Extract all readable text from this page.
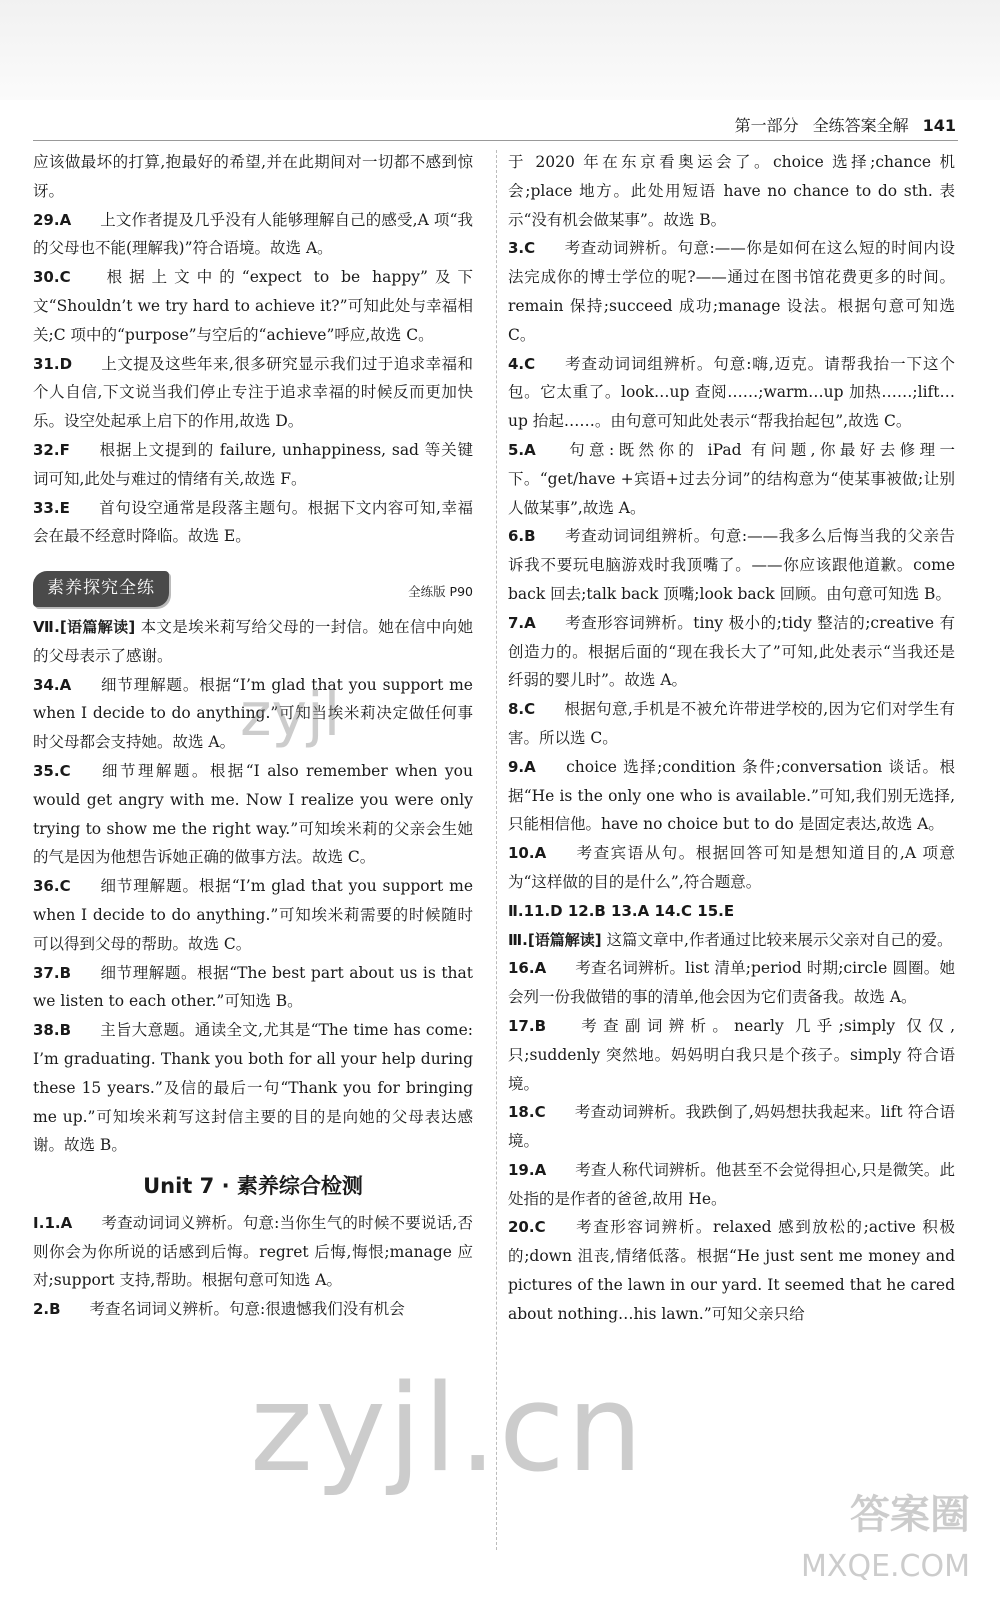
第一部分 全练答案全解 141

应该做最坏的打算,抱最好的希望,并在此期间对一切都不感到惊讶。

29.A 上文作者提及几乎没有人能够理解自己的感受,A 项“我的父母也不能(理解我)”符合语境。故选 A。

30.C 根据上文中的“expect to be happy”及下文“Shouldn’t we try hard to achieve it?”可知此处与幸福相关;C 项中的“purpose”与空后的“achieve”呼应,故选 C。

31.D 上文提及这些年来,很多研究显示我们过于追求幸福和个人自信,下文说当我们停止专注于追求幸福的时候反而更加快乐。设空处起承上启下的作用,故选 D。

32.F 根据上文提到的 failure, unhappiness, sad 等关键词可知,此处与难过的情绪有关,故选 F。

33.E 首句设空通常是段落主题句。根据下文内容可知,幸福会在最不经意时降临。故选 E。

素养探究全练	全练版 P90

Ⅶ.[语篇解读] 本文是埃米莉写给父母的一封信。她在信中向她的父母表示了感谢。

34.A 细节理解题。根据“I’m glad that you support me when I decide to do anything.”可知当埃米莉决定做任何事时父母都会支持她。故选 A。

35.C 细节理解题。根据“I also remember when you would get angry with me. Now I realize you were only trying to show me the right way.”可知埃米莉的父亲会生她的气是因为他想告诉她正确的做事方法。故选 C。

36.C 细节理解题。根据“I’m glad that you support me when I decide to do anything.”可知埃米莉需要的时候随时可以得到父母的帮助。故选 C。

37.B 细节理解题。根据“The best part about us is that we listen to each other.”可知选 B。

38.B 主旨大意题。通读全文,尤其是“The time has come: I’m graduating. Thank you both for all your help during these 15 years.”及信的最后一句“Thank you for bringing me up.”可知埃米莉写这封信主要的目的是向她的父母表达感谢。故选 B。

Unit 7 · 素养综合检测

Ⅰ.1.A 考查动词词义辨析。句意:当你生气的时候不要说话,否则你会为你所说的话感到后悔。regret 后悔,悔恨;manage 应对;support 支持,帮助。根据句意可知选 A。

2.B 考查名词词义辨析。句意:很遗憾我们没有机会

于 2020 年在东京看奥运会了。choice 选择;chance 机会;place 地方。此处用短语 have no chance to do sth. 表示“没有机会做某事”。故选 B。

3.C 考查动词辨析。句意:——你是如何在这么短的时间内设法完成你的博士学位的呢?——通过在图书馆花费更多的时间。remain 保持;succeed 成功;manage 设法。根据句意可知选 C。

4.C 考查动词词组辨析。句意:嗨,迈克。请帮我抬一下这个包。它太重了。look…up 查阅……;warm…up 加热……;lift…up 抬起……。由句意可知此处表示“帮我抬起包”,故选 C。

5.A 句意:既然你的 iPad 有问题,你最好去修理一下。“get/have +宾语+过去分词”的结构意为“使某事被做;让别人做某事”,故选 A。

6.B 考查动词词组辨析。句意:——我多么后悔当我的父亲告诉我不要玩电脑游戏时我顶嘴了。——你应该跟他道歉。come back 回去;talk back 顶嘴;look back 回顾。由句意可知选 B。

7.A 考查形容词辨析。tiny 极小的;tidy 整洁的;creative 有创造力的。根据后面的“现在我长大了”可知,此处表示“当我还是纤弱的婴儿时”。故选 A。

8.C 根据句意,手机是不被允许带进学校的,因为它们对学生有害。所以选 C。

9.A choice 选择;condition 条件;conversation 谈话。根据“He is the only one who is available.”可知,我们别无选择,只能相信他。have no choice but to do 是固定表达,故选 A。

10.A 考查宾语从句。根据回答可知是想知道目的,A 项意为“这样做的目的是什么”,符合题意。

Ⅱ.11.D 12.B 13.A 14.C 15.E

Ⅲ.[语篇解读] 这篇文章中,作者通过比较来展示父亲对自己的爱。

16.A 考查名词辨析。list 清单;period 时期;circle 圆圈。她会列一份我做错的事的清单,他会因为它们责备我。故选 A。

17.B 考查副词辨析。nearly 几乎;simply 仅仅,只;suddenly 突然地。妈妈明白我只是个孩子。simply 符合语境。

18.C 考查动词辨析。我跌倒了,妈妈想扶我起来。lift 符合语境。

19.A 考查人称代词辨析。他甚至不会觉得担心,只是微笑。此处指的是作者的爸爸,故用 He。

20.C 考查形容词辨析。relaxed 感到放松的;active 积极的;down 沮丧,情绪低落。根据“He just sent me money and pictures of the lawn in our yard. It seemed that he cared about nothing…his lawn.”可知父亲只给

zyjl
zyjl.cn
答案圈
MXQE.COM
